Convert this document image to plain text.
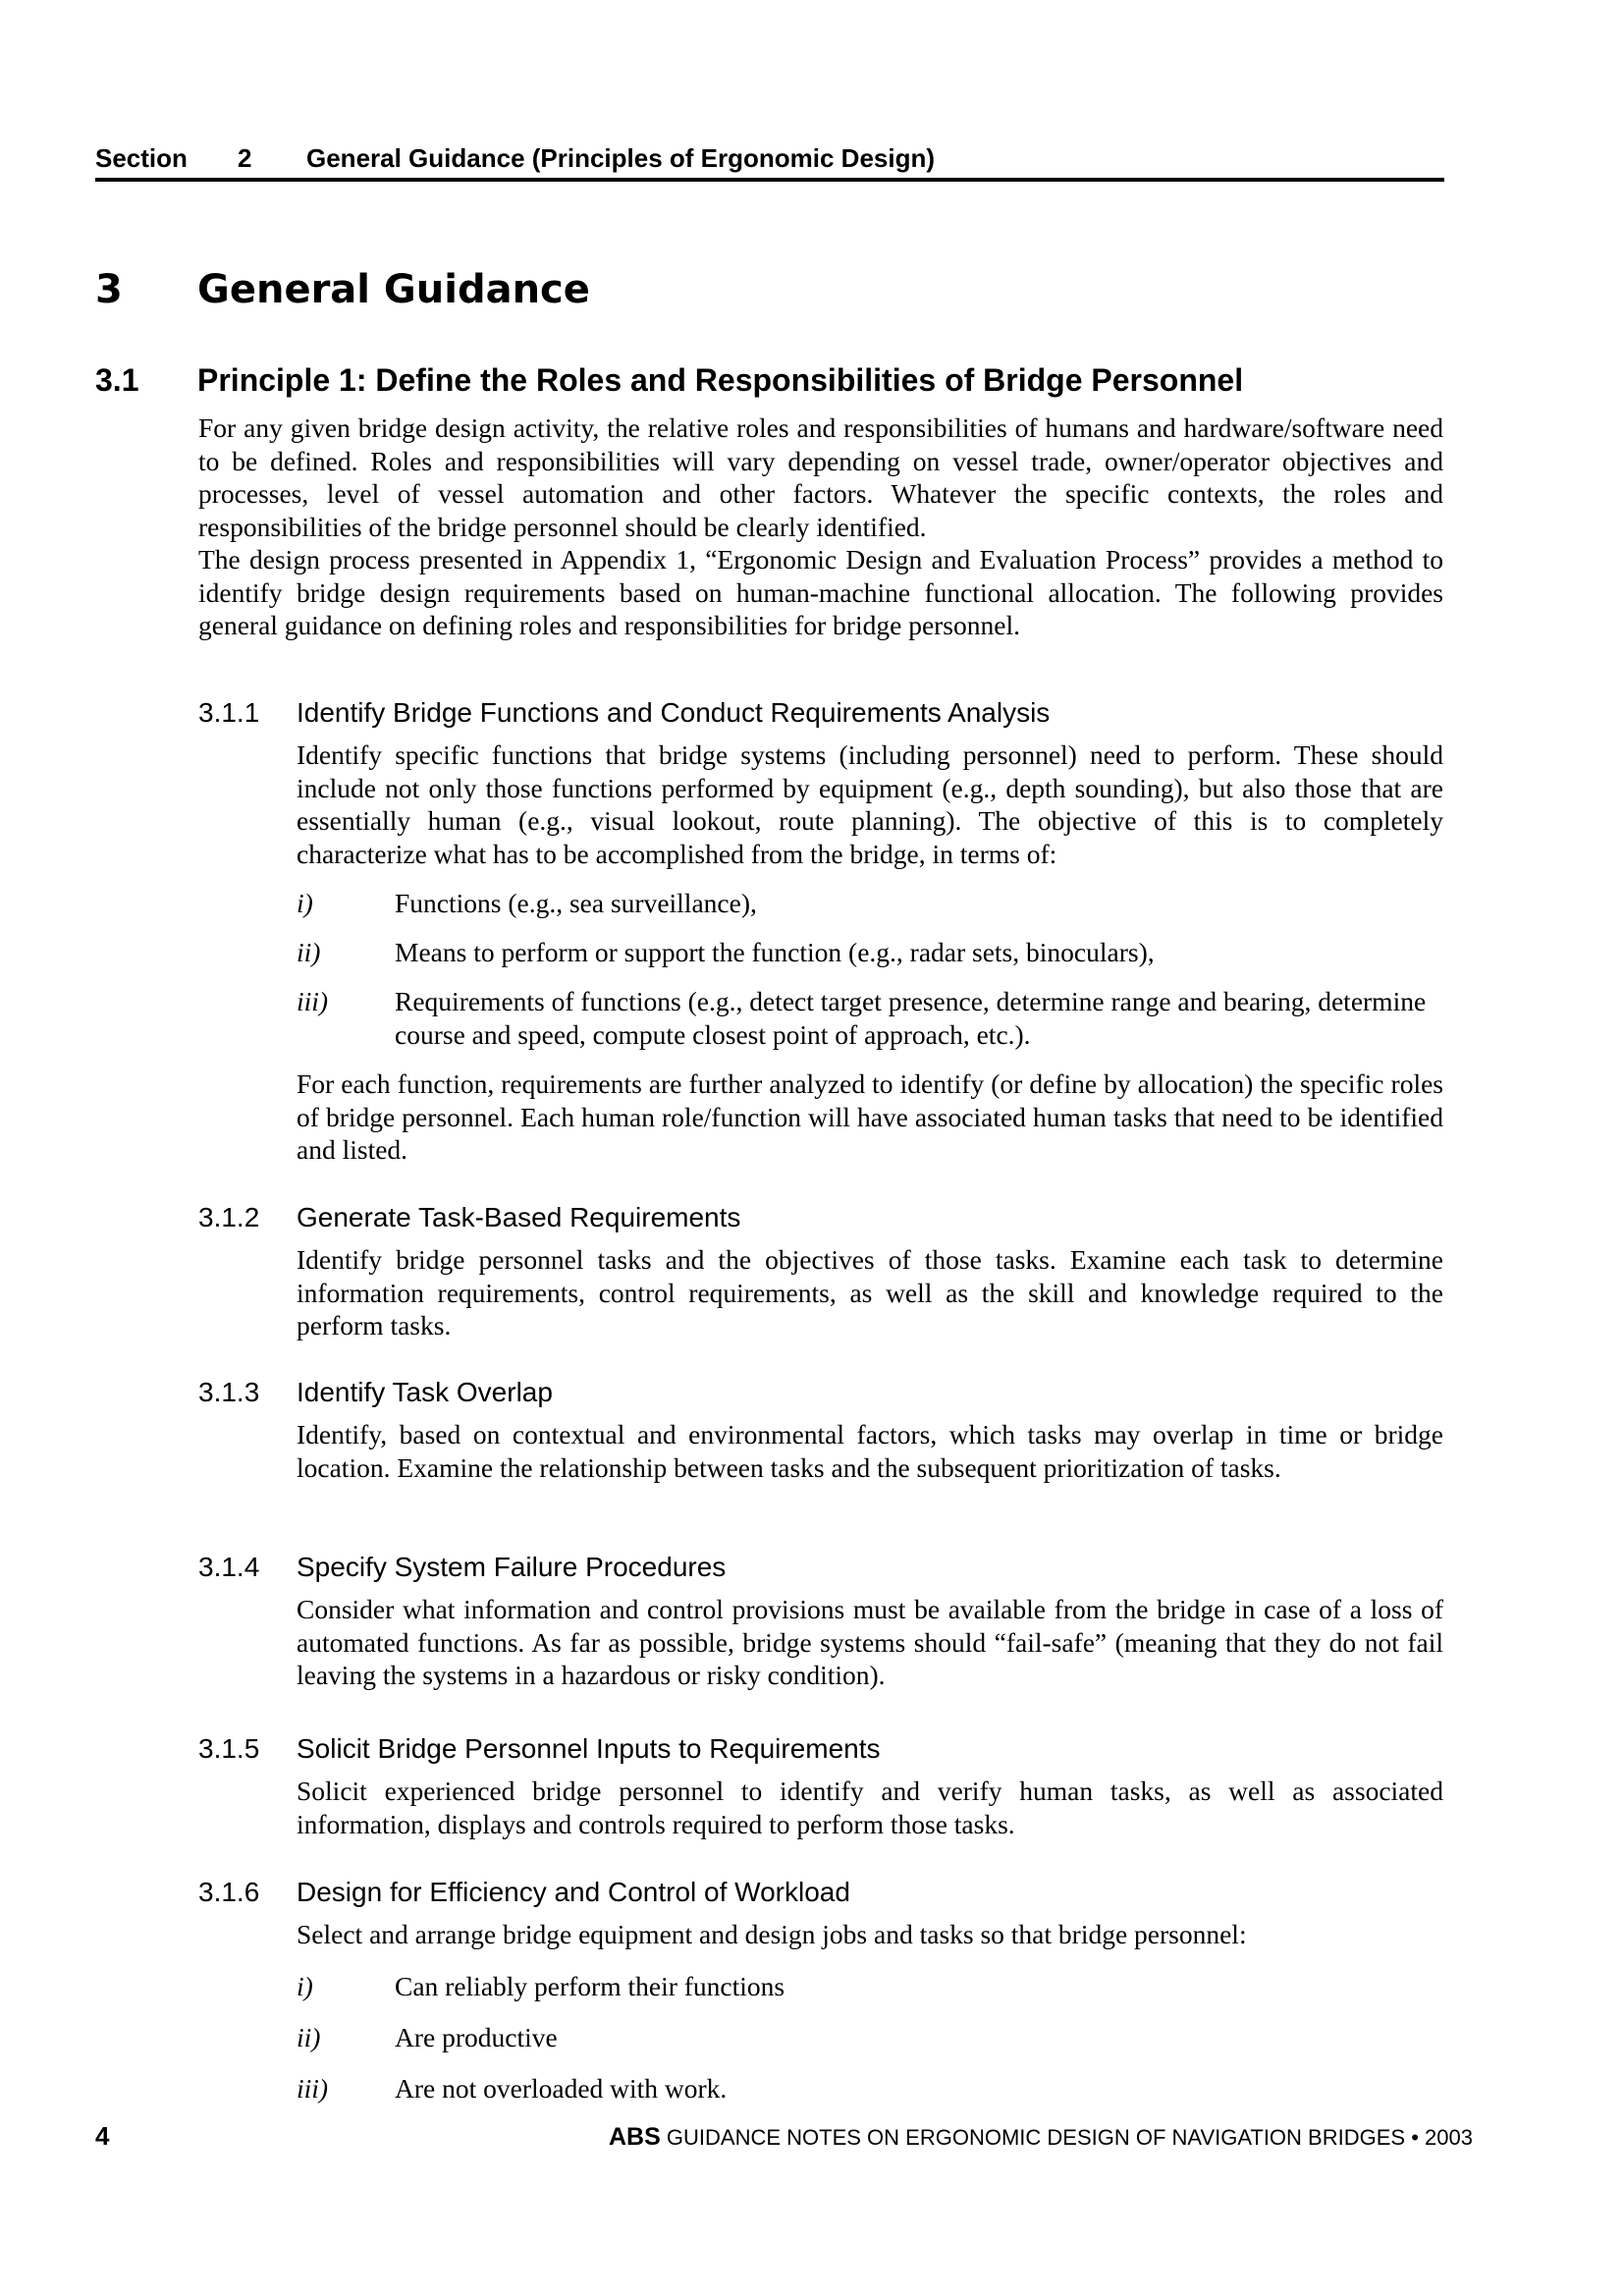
Section 2 General Guidance (Principles of Ergonomic Design)
3 General Guidance
3.1 Principle 1: Define the Roles and Responsibilities of Bridge Personnel

For any given bridge design activity, the relative roles and responsibilities of humans and hardware/software need to be defined. Roles and responsibilities will vary depending on vessel trade, owner/operator objectives and processes, level of vessel automation and other factors. Whatever the specific contexts, the roles and responsibilities of the bridge personnel should be clearly identified.

The design process presented in Appendix 1, “Ergonomic Design and Evaluation Process” provides a method to identify bridge design requirements based on human-machine functional allocation. The following provides general guidance on defining roles and responsibilities for bridge personnel.

3.1.1 Identify Bridge Functions and Conduct Requirements Analysis

Identify specific functions that bridge systems (including personnel) need to perform. These should include not only those functions performed by equipment (e.g., depth sounding), but also those that are essentially human (e.g., visual lookout, route planning). The objective of this is to completely characterize what has to be accomplished from the bridge, in terms of:

i)	Functions (e.g., sea surveillance),
ii)	Means to perform or support the function (e.g., radar sets, binoculars),
iii) Requirements of functions (e.g., detect target presence, determine range and bearing, determine course and speed, compute closest point of approach, etc.).

For each function, requirements are further analyzed to identify (or define by allocation) the specific roles of bridge personnel. Each human role/function will have associated human tasks that need to be identified and listed.

3.1.2 Generate Task-Based Requirements

Identify bridge personnel tasks and the objectives of those tasks. Examine each task to determine information requirements, control requirements, as well as the skill and knowledge required to the perform tasks.

3.1.3 Identify Task Overlap

Identify, based on contextual and environmental factors, which tasks may overlap in time or bridge location. Examine the relationship between tasks and the subsequent prioritization of tasks.

3.1.4 Specify System Failure Procedures

Consider what information and control provisions must be available from the bridge in case of a loss of automated functions. As far as possible, bridge systems should “fail-safe” (meaning that they do not fail leaving the systems in a hazardous or risky condition).

3.1.5 Solicit Bridge Personnel Inputs to Requirements

Solicit experienced bridge personnel to identify and verify human tasks, as well as associated information, displays and controls required to perform those tasks.

3.1.6 Design for Efficiency and Control of Workload

Select and arrange bridge equipment and design jobs and tasks so that bridge personnel:

i)	Can reliably perform their functions
ii)	Are productive
iii) Are not overloaded with work.
4	ABS GUIDANCE NOTES ON ERGONOMIC DESIGN OF NAVIGATION BRIDGES • 2003
